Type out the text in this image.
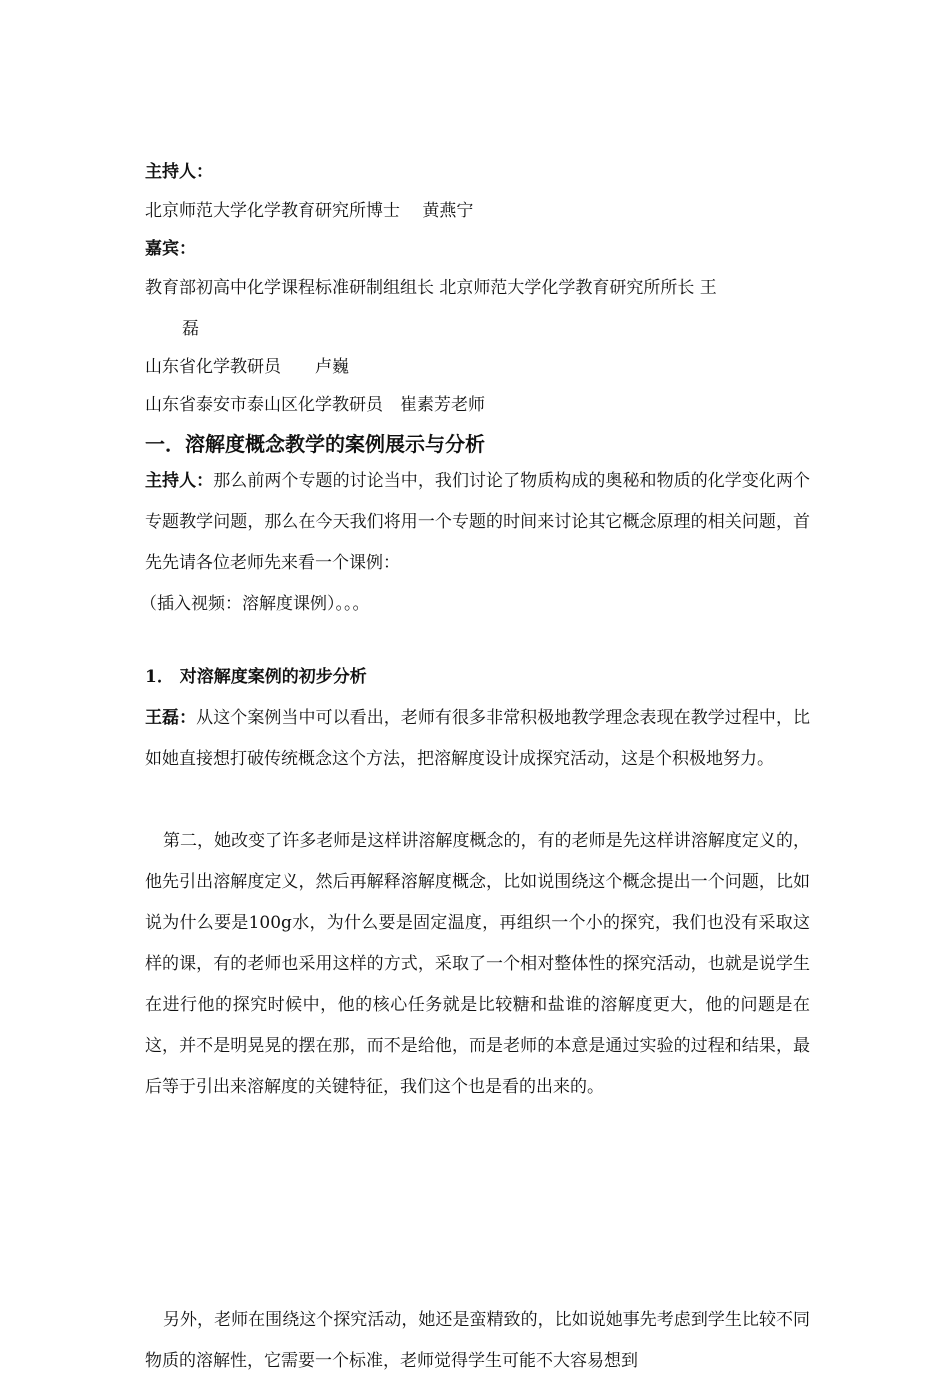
主持人：
北京师范大学化学教育研究所博士　 黄燕宁
嘉宾：
教育部初高中化学课程标准研制组组长 北京师范大学化学教育研究所所长 王
磊
山东省化学教研员　　卢巍
山东省泰安市泰山区化学教研员　崔素芳老师
一．溶解度概念教学的案例展示与分析

主持人：那么前两个专题的讨论当中，我们讨论了物质构成的奥秘和物质的化学变化两个专题教学问题，那么在今天我们将用一个专题的时间来讨论其它概念原理的相关问题，首先先请各位老师先来看一个课例：

（插入视频：溶解度课例）。。。
1． 对溶解度案例的初步分析

王磊：从这个案例当中可以看出，老师有很多非常积极地教学理念表现在教学过程中，比如她直接想打破传统概念这个方法，把溶解度设计成探究活动，这是个积极地努力。

第二，她改变了许多老师是这样讲溶解度概念的，有的老师是先这样讲溶解度定义的，他先引出溶解度定义，然后再解释溶解度概念，比如说围绕这个概念提出一个问题，比如说为什么要是100g水，为什么要是固定温度，再组织一个小的探究，我们也没有采取这样的课，有的老师也采用这样的方式，采取了一个相对整体性的探究活动，也就是说学生在进行他的探究时候中，他的核心任务就是比较糖和盐谁的溶解度更大，他的问题是在这，并不是明晃晃的摆在那，而不是给他，而是老师的本意是通过实验的过程和结果，最后等于引出来溶解度的关键特征，我们这个也是看的出来的。

另外，老师在围绕这个探究活动，她还是蛮精致的，比如说她事先考虑到学生比较不同物质的溶解性，它需要一个标准，老师觉得学生可能不大容易想到
